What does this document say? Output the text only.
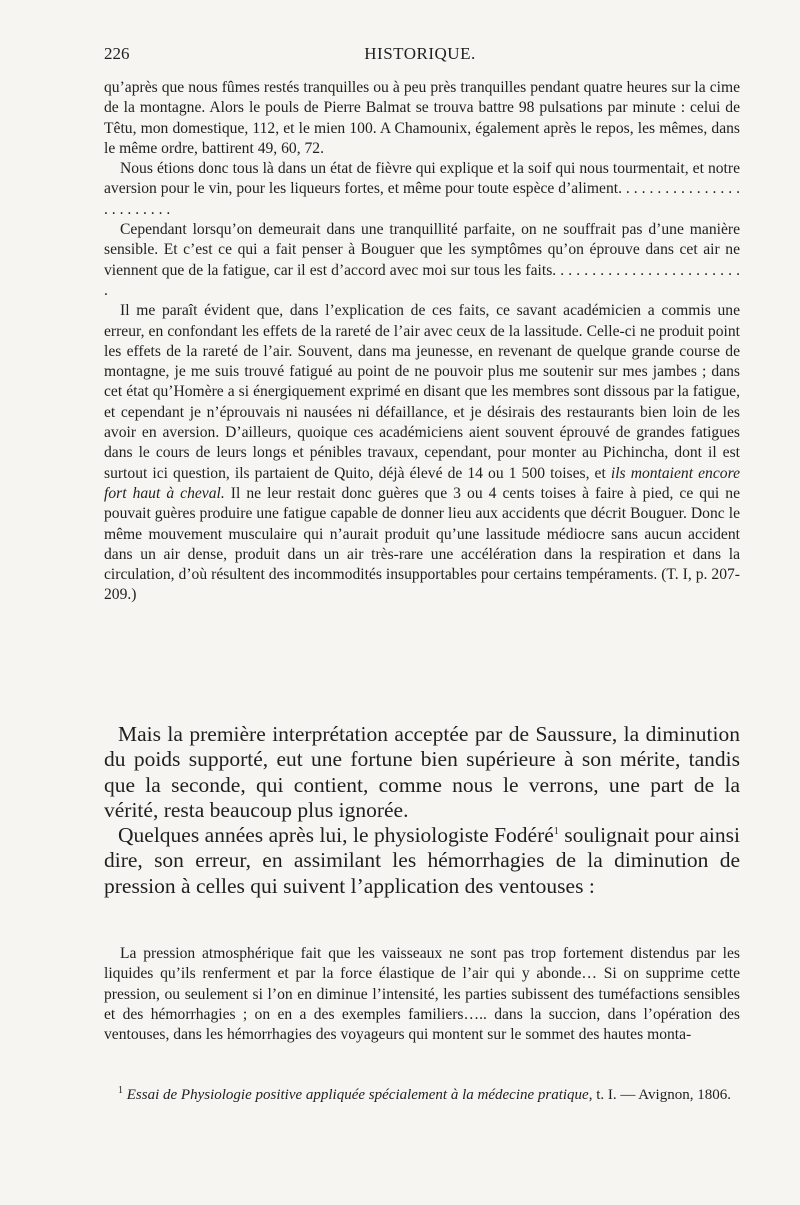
226	HISTORIQUE.

qu’après que nous fûmes restés tranquilles ou à peu près tranquilles pendant quatre heures sur la cime de la montagne. Alors le pouls de Pierre Balmat se trouva battre 98 pulsations par minute : celui de Têtu, mon domestique, 112, et le mien 100. A Chamounix, également après le repos, les mêmes, dans le même ordre, battirent 49, 60, 72.

Nous étions donc tous là dans un état de fièvre qui explique et la soif qui nous tourmentait, et notre aversion pour le vin, pour les liqueurs fortes, et même pour toute espèce d’aliment. . . . . . . . . . . . . . . . . . . . . . . . .

Cependant lorsqu’on demeurait dans une tranquillité parfaite, on ne souffrait pas d’une manière sensible. Et c’est ce qui a fait penser à Bouguer que les symptômes qu’on éprouve dans cet air ne viennent que de la fatigue, car il est d’accord avec moi sur tous les faits. . . . . . . . . . . . . . . . . . . . . . . . .

Il me paraît évident que, dans l’explication de ces faits, ce savant académicien a commis une erreur, en confondant les effets de la rareté de l’air avec ceux de la lassitude. Celle-ci ne produit point les effets de la rareté de l’air. Souvent, dans ma jeunesse, en revenant de quelque grande course de montagne, je me suis trouvé fatigué au point de ne pouvoir plus me soutenir sur mes jambes ; dans cet état qu’Homère a si énergiquement exprimé en disant que les membres sont dissous par la fatigue, et cependant je n’éprouvais ni nausées ni défaillance, et je désirais des restaurants bien loin de les avoir en aversion. D’ailleurs, quoique ces académiciens aient souvent éprouvé de grandes fatigues dans le cours de leurs longs et pénibles travaux, cependant, pour monter au Pichincha, dont il est surtout ici question, ils partaient de Quito, déjà élevé de 14 ou 1 500 toises, et ils montaient encore fort haut à cheval. Il ne leur restait donc guères que 3 ou 4 cents toises à faire à pied, ce qui ne pouvait guères produire une fatigue capable de donner lieu aux accidents que décrit Bouguer. Donc le même mouvement musculaire qui n’aurait produit qu’une lassitude médiocre sans aucun accident dans un air dense, produit dans un air très-rare une accélération dans la respiration et dans la circulation, d’où résultent des incommodités insupportables pour certains tempéraments. (T. I, p. 207-209.)

Mais la première interprétation acceptée par de Saussure, la diminution du poids supporté, eut une fortune bien supérieure à son mérite, tandis que la seconde, qui contient, comme nous le verrons, une part de la vérité, resta beaucoup plus ignorée.

Quelques années après lui, le physiologiste Fodéré$^1$ soulignait pour ainsi dire, son erreur, en assimilant les hémorrhagies de la diminution de pression à celles qui suivent l’application des ventouses :

La pression atmosphérique fait que les vaisseaux ne sont pas trop fortement distendus par les liquides qu’ils renferment et par la force élastique de l’air qui y abonde… Si on supprime cette pression, ou seulement si l’on en diminue l’intensité, les parties subissent des tuméfactions sensibles et des hémorrhagies ; on en a des exemples familiers….. dans la succion, dans l’opération des ventouses, dans les hémorrhagies des voyageurs qui montent sur le sommet des hautes monta-

$^1$ Essai de Physiologie positive appliquée spécialement à la médecine pratique, t. I. — Avignon, 1806.
